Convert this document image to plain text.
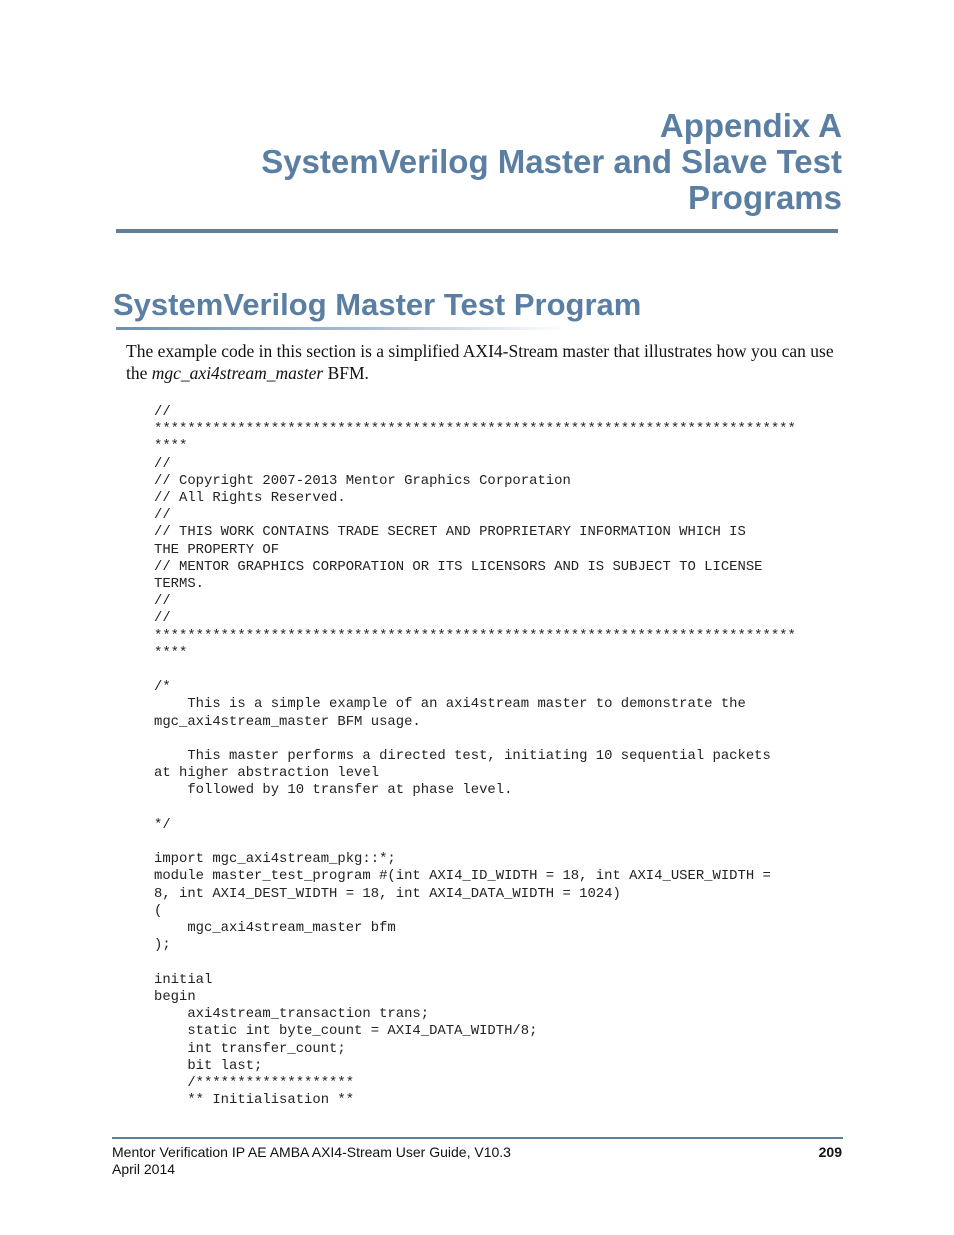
Appendix A
SystemVerilog Master and Slave Test
Programs
SystemVerilog Master Test Program

The example code in this section is a simplified AXI4-Stream master that illustrates how you can use the mgc_axi4stream_master BFM.

//
*****************************************************************************
****
//
// Copyright 2007-2013 Mentor Graphics Corporation
// All Rights Reserved.
//
// THIS WORK CONTAINS TRADE SECRET AND PROPRIETARY INFORMATION WHICH IS
THE PROPERTY OF
// MENTOR GRAPHICS CORPORATION OR ITS LICENSORS AND IS SUBJECT TO LICENSE
TERMS.
//
//
*****************************************************************************
****

/*
This is a simple example of an axi4stream master to demonstrate the
mgc_axi4stream_master BFM usage.

This master performs a directed test, initiating 10 sequential packets
at higher abstraction level
followed by 10 transfer at phase level.

*/

import mgc_axi4stream_pkg::*;
module master_test_program #(int AXI4_ID_WIDTH = 18, int AXI4_USER_WIDTH =
8, int AXI4_DEST_WIDTH = 18, int AXI4_DATA_WIDTH = 1024)
(
mgc_axi4stream_master bfm
);

initial
begin
axi4stream_transaction trans;
static int byte_count = AXI4_DATA_WIDTH/8;
int transfer_count;
bit last;
/*******************
** Initialisation **
Mentor Verification IP AE AMBA AXI4-Stream User Guide, V10.3
April 2014
209
